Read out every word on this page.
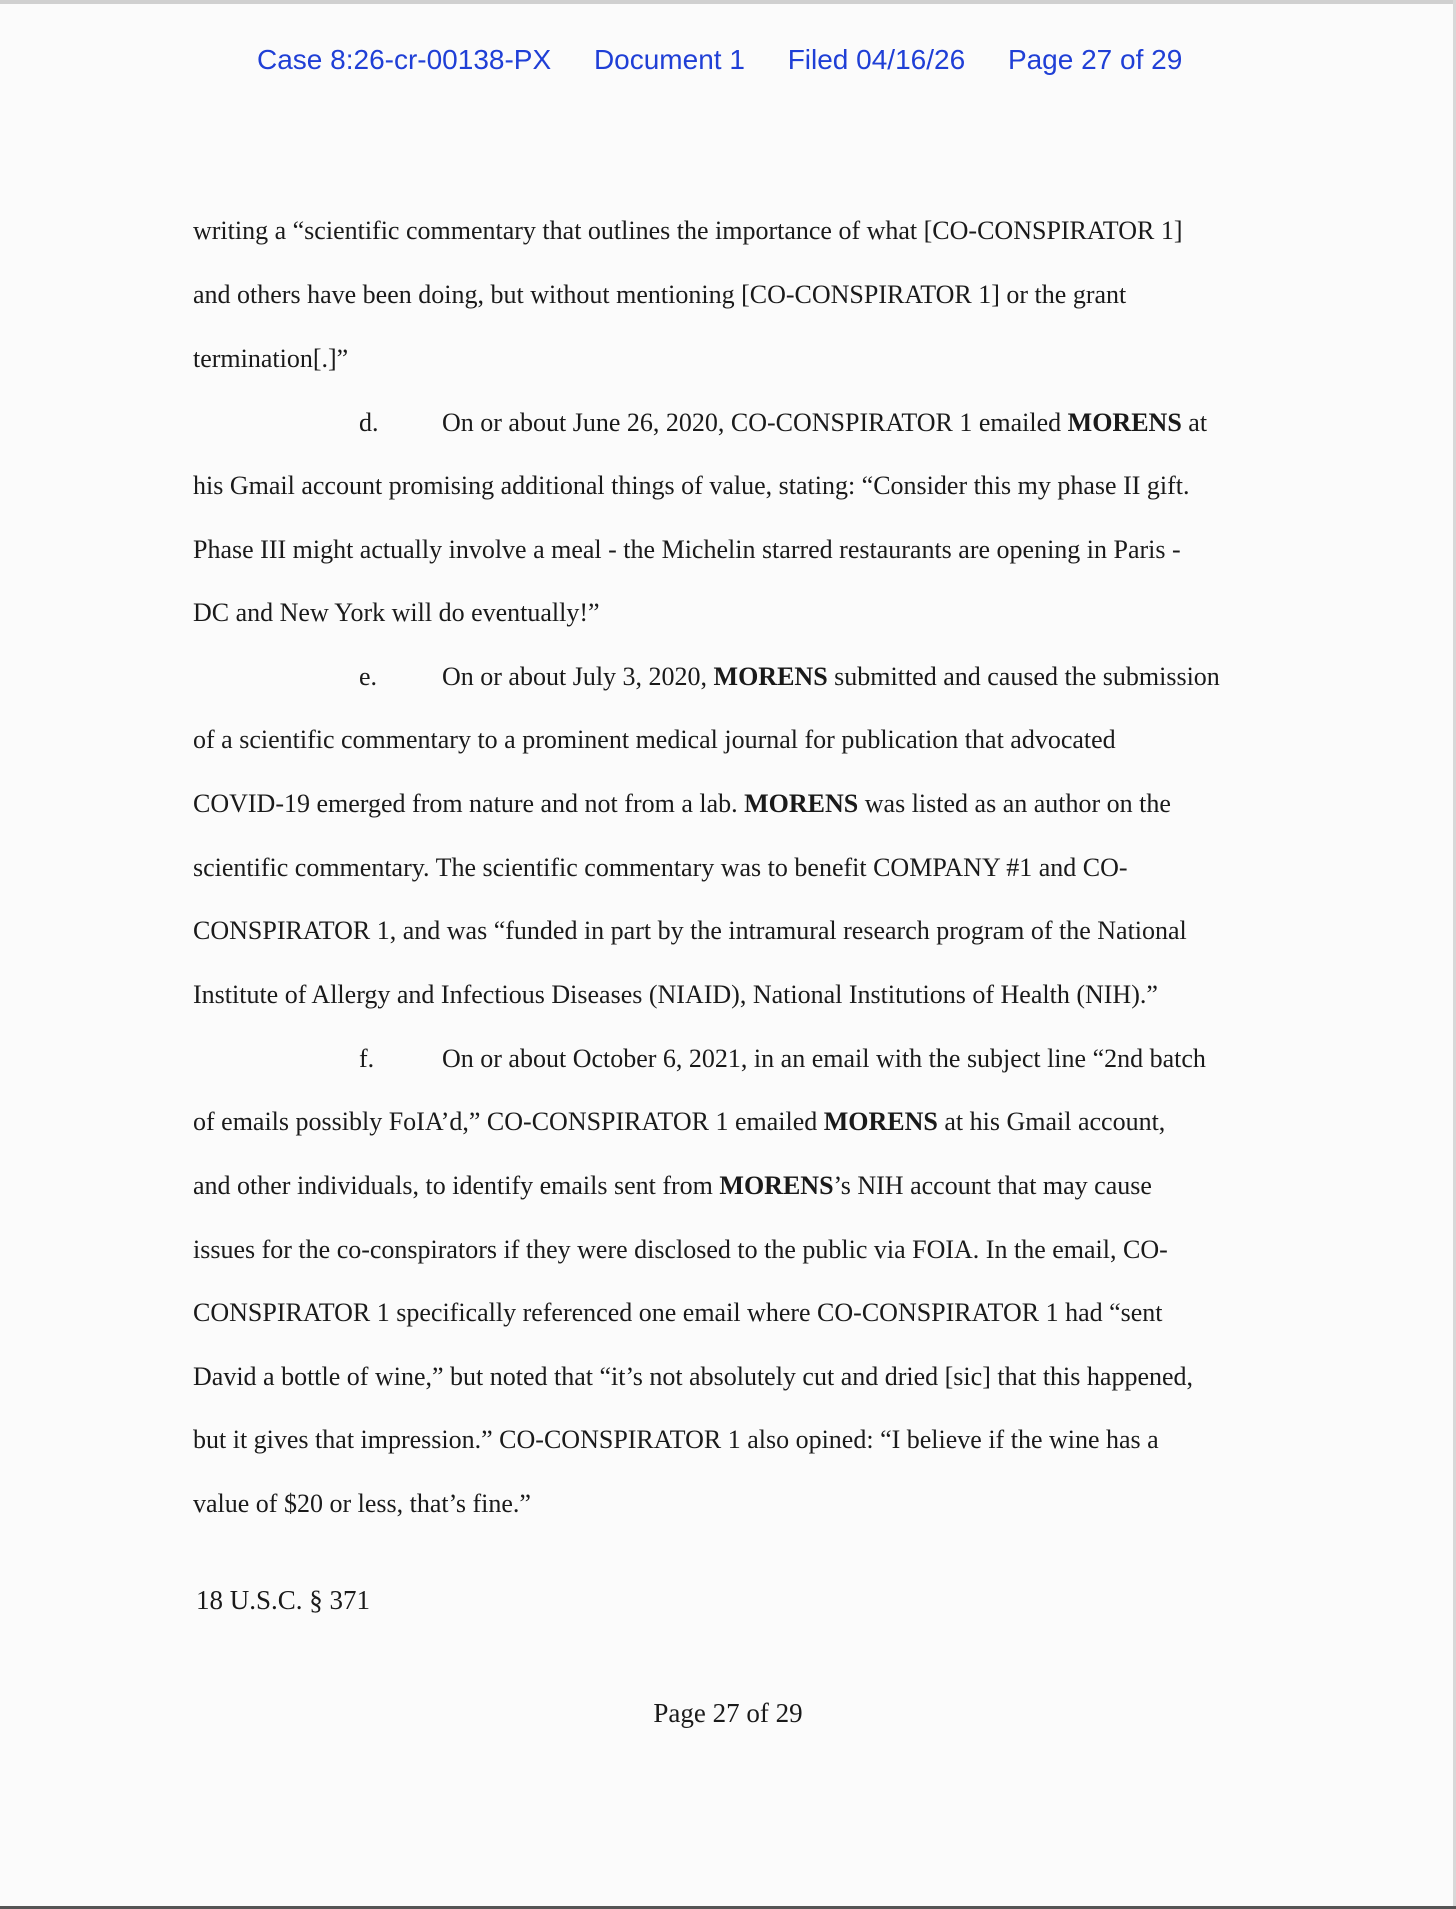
Case 8:26-cr-00138-PX Document 1 Filed 04/16/26 Page 27 of 29
writing a “scientific commentary that outlines the importance of what [CO-CONSPIRATOR 1]
and others have been doing, but without mentioning [CO-CONSPIRATOR 1] or the grant
termination[.]”
d. On or about June 26, 2020, CO-CONSPIRATOR 1 emailed MORENS at
his Gmail account promising additional things of value, stating: “Consider this my phase II gift.
Phase III might actually involve a meal - the Michelin starred restaurants are opening in Paris -
DC and New York will do eventually!”
e. On or about July 3, 2020, MORENS submitted and caused the submission
of a scientific commentary to a prominent medical journal for publication that advocated
COVID-19 emerged from nature and not from a lab. MORENS was listed as an author on the
scientific commentary. The scientific commentary was to benefit COMPANY #1 and CO-
CONSPIRATOR 1, and was “funded in part by the intramural research program of the National
Institute of Allergy and Infectious Diseases (NIAID), National Institutions of Health (NIH).”
f.	On or about October 6, 2021, in an email with the subject line “2nd batch
of emails possibly FoIA’d,” CO-CONSPIRATOR 1 emailed MORENS at his Gmail account,
and other individuals, to identify emails sent from MORENS’s NIH account that may cause
issues for the co-conspirators if they were disclosed to the public via FOIA. In the email, CO-
CONSPIRATOR 1 specifically referenced one email where CO-CONSPIRATOR 1 had “sent
David a bottle of wine,” but noted that “it’s not absolutely cut and dried [sic] that this happened,
but it gives that impression.” CO-CONSPIRATOR 1 also opined: “I believe if the wine has a
value of $20 or less, that’s fine.”
18 U.S.C. § 371
Page 27 of 29
